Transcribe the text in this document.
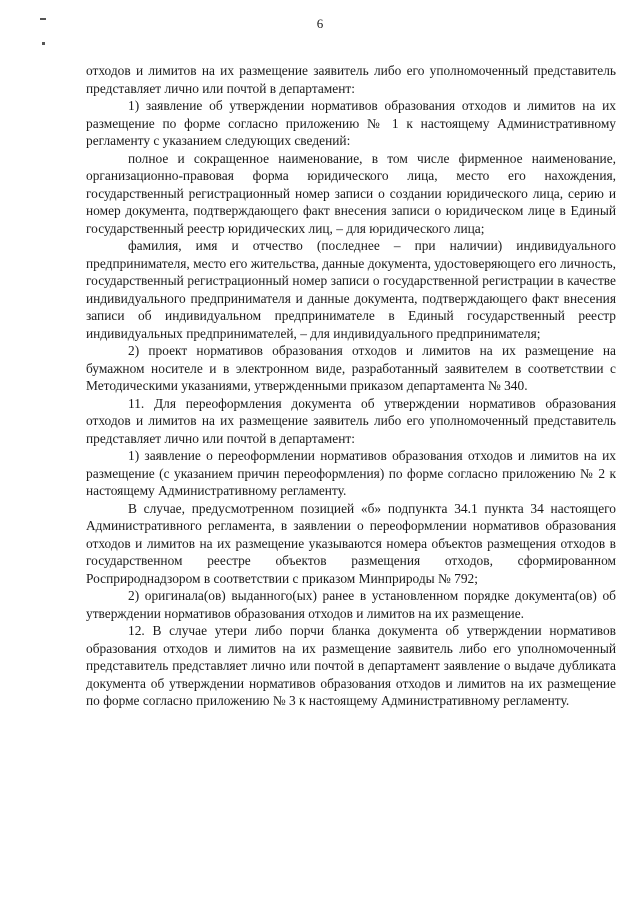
6

отходов и лимитов на их размещение заявитель либо его уполномоченный представитель представляет лично или почтой в департамент:

1) заявление об утверждении нормативов образования отходов и лимитов на их размещение по форме согласно приложению № 1 к настоящему Административному регламенту с указанием следующих сведений:

полное и сокращенное наименование, в том числе фирменное наименование, организационно-правовая форма юридического лица, место его нахождения, государственный регистрационный номер записи о создании юридического лица, серию и номер документа, подтверждающего факт внесения записи о юридическом лице в Единый государственный реестр юридических лиц, – для юридического лица;

фамилия, имя и отчество (последнее – при наличии) индивидуального предпринимателя, место его жительства, данные документа, удостоверяющего его личность, государственный регистрационный номер записи о государственной регистрации в качестве индивидуального предпринимателя и данные документа, подтверждающего факт внесения записи об индивидуальном предпринимателе в Единый государственный реестр индивидуальных предпринимателей, – для индивидуального предпринимателя;

2) проект нормативов образования отходов и лимитов на их размещение на бумажном носителе и в электронном виде, разработанный заявителем в соответствии с Методическими указаниями, утвержденными приказом департамента № 340.

11. Для переоформления документа об утверждении нормативов образования отходов и лимитов на их размещение заявитель либо его уполномоченный представитель представляет лично или почтой в департамент:

1) заявление о переоформлении нормативов образования отходов и лимитов на их размещение (с указанием причин переоформления) по форме согласно приложению № 2 к настоящему Административному регламенту.

В случае, предусмотренном позицией «б» подпункта 34.1 пункта 34 настоящего Административного регламента, в заявлении о переоформлении нормативов образования отходов и лимитов на их размещение указываются номера объектов размещения отходов в государственном реестре объектов размещения отходов, сформированном Росприроднадзором в соответствии с приказом Минприроды № 792;

2) оригинала(ов) выданного(ых) ранее в установленном порядке документа(ов) об утверждении нормативов образования отходов и лимитов на их размещение.

12. В случае утери либо порчи бланка документа об утверждении нормативов образования отходов и лимитов на их размещение заявитель либо его уполномоченный представитель представляет лично или почтой в департамент заявление о выдаче дубликата документа об утверждении нормативов образования отходов и лимитов на их размещение по форме согласно приложению № 3 к настоящему Административному регламенту.
